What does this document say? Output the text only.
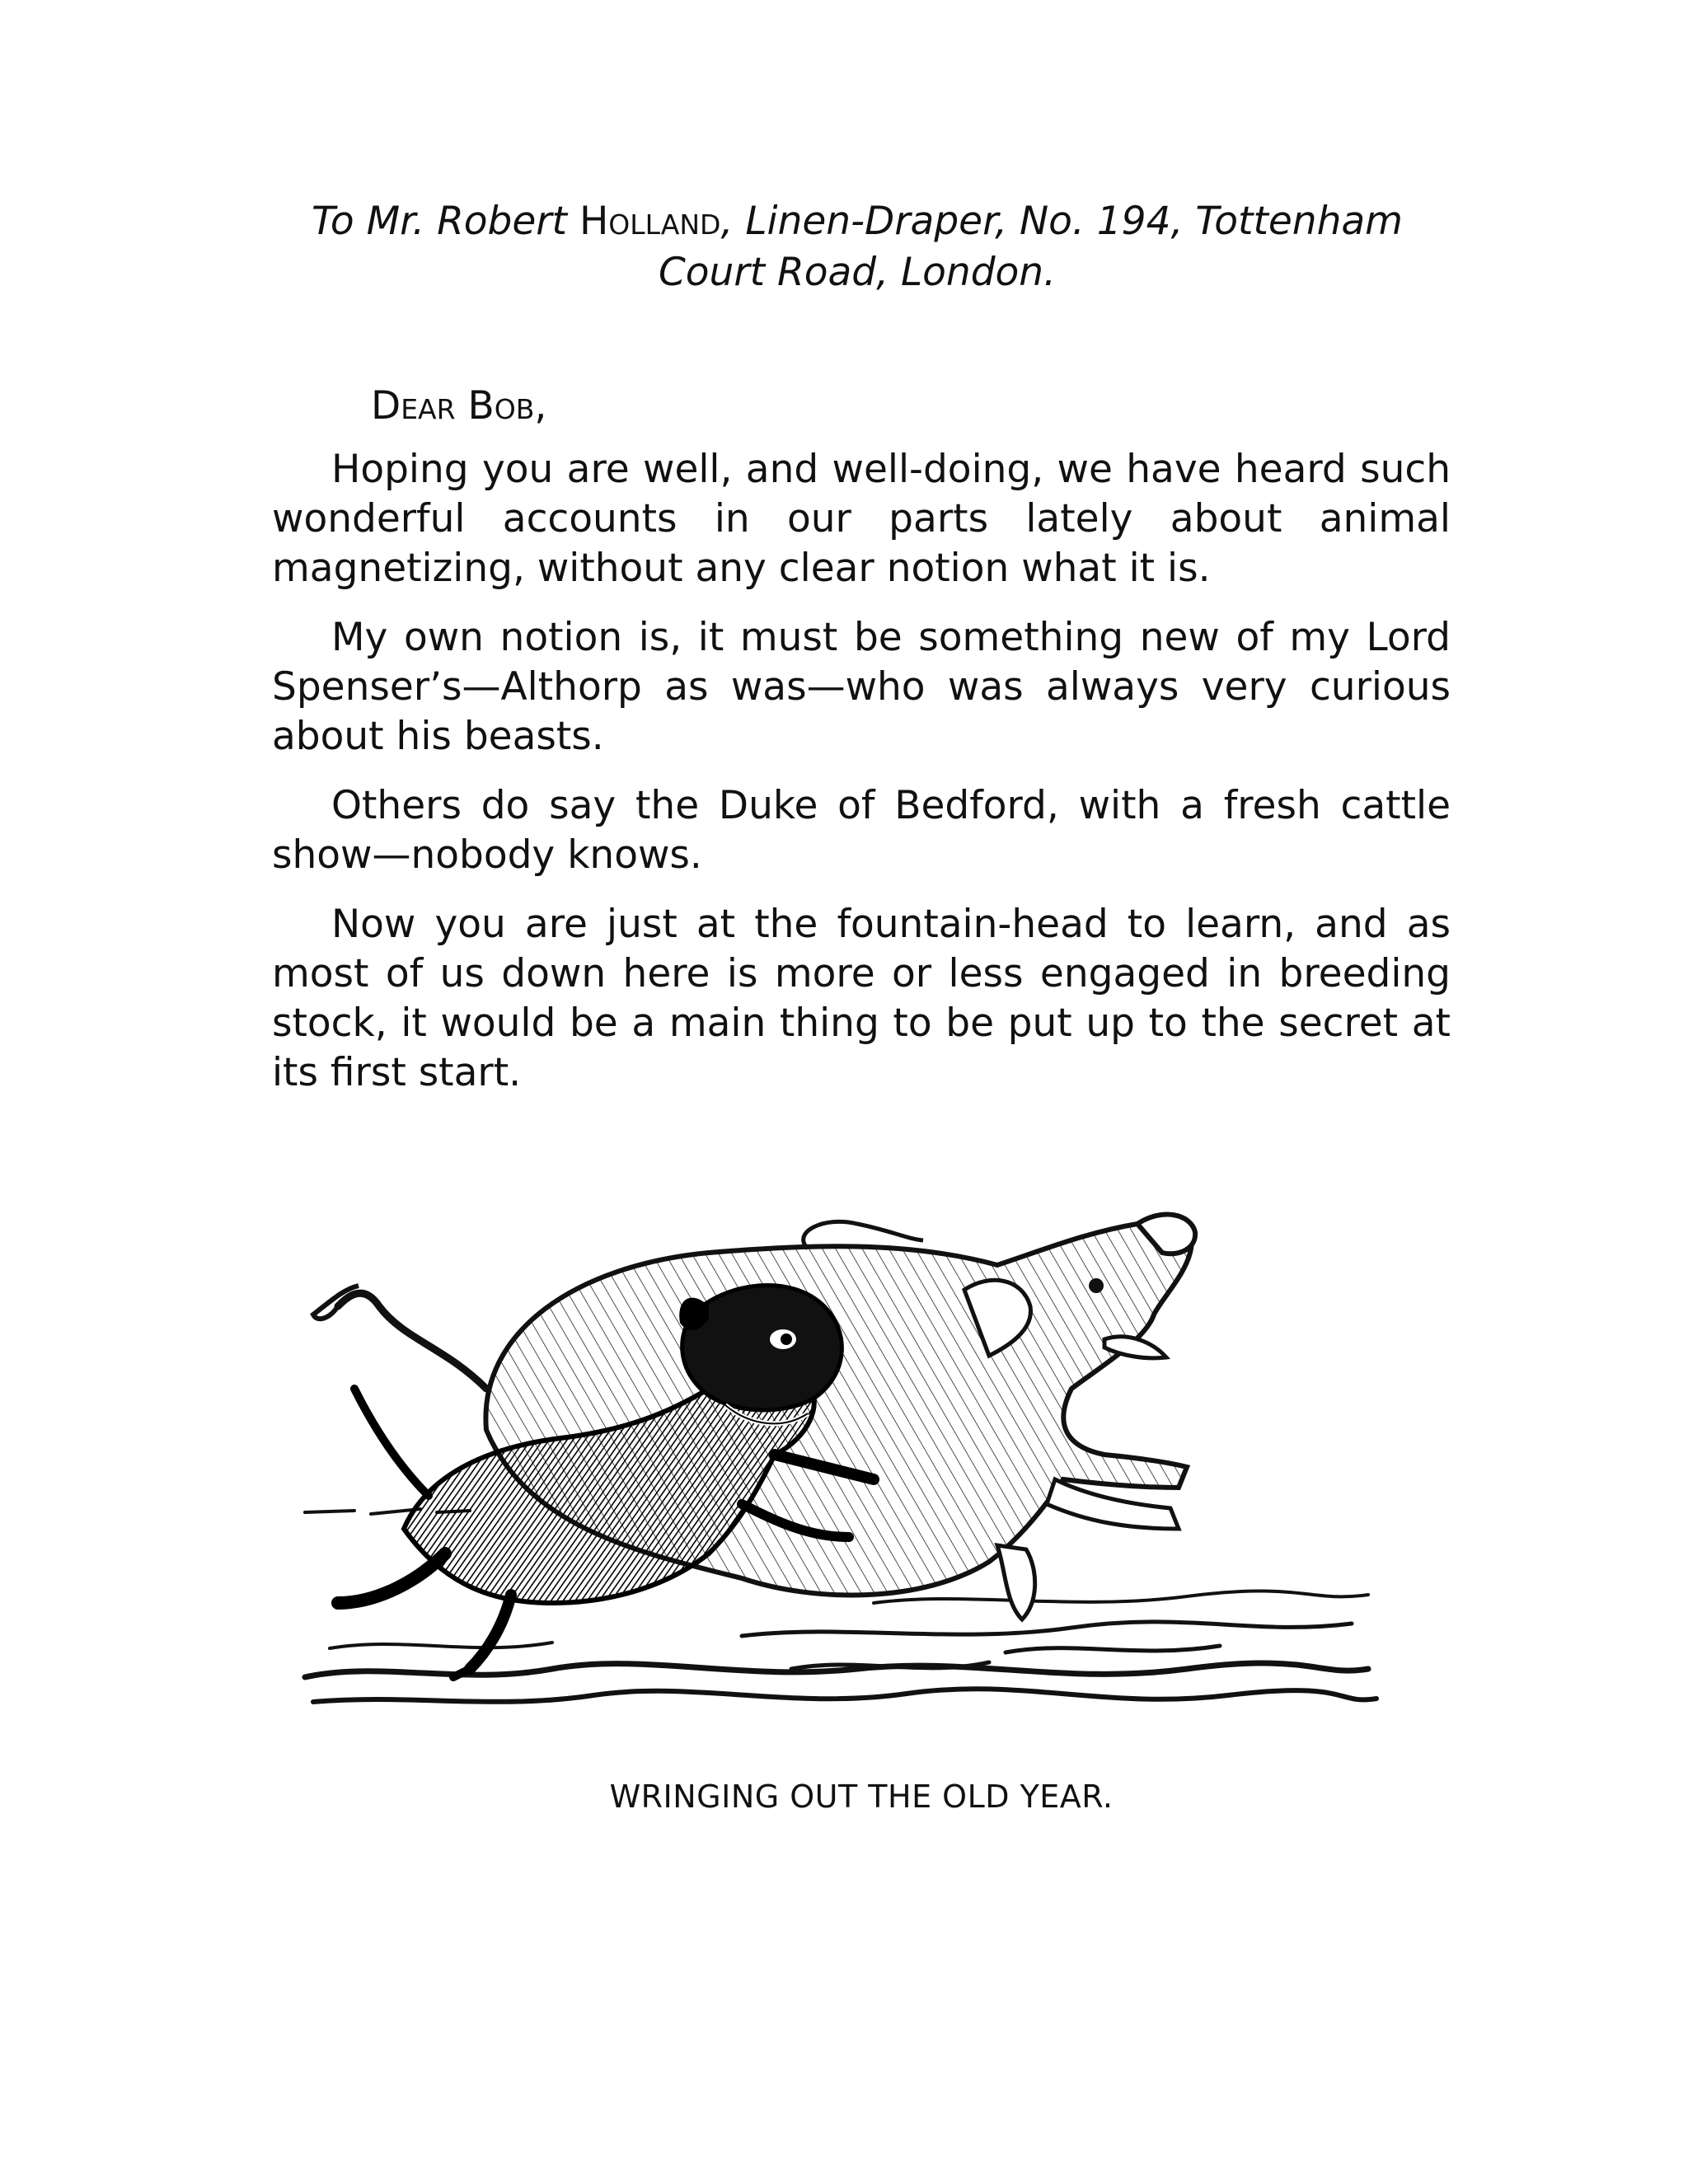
To Mr. Robert Holland, Linen-Draper, No. 194, Tottenham Court Road, London.
Dear Bob,

Hoping you are well, and well-doing, we have heard such wonderful accounts in our parts lately about animal magnetizing, without any clear notion what it is.

My own notion is, it must be something new of my Lord Spenser’s—Althorp as was—who was always very curious about his beasts.

Others do say the Duke of Bedford, with a fresh cattle show—nobody knows.

Now you are just at the fountain-head to learn, and as most of us down here is more or less engaged in breeding stock, it would be a main thing to be put up to the secret at its first start.

WRINGING OUT THE OLD YEAR.
